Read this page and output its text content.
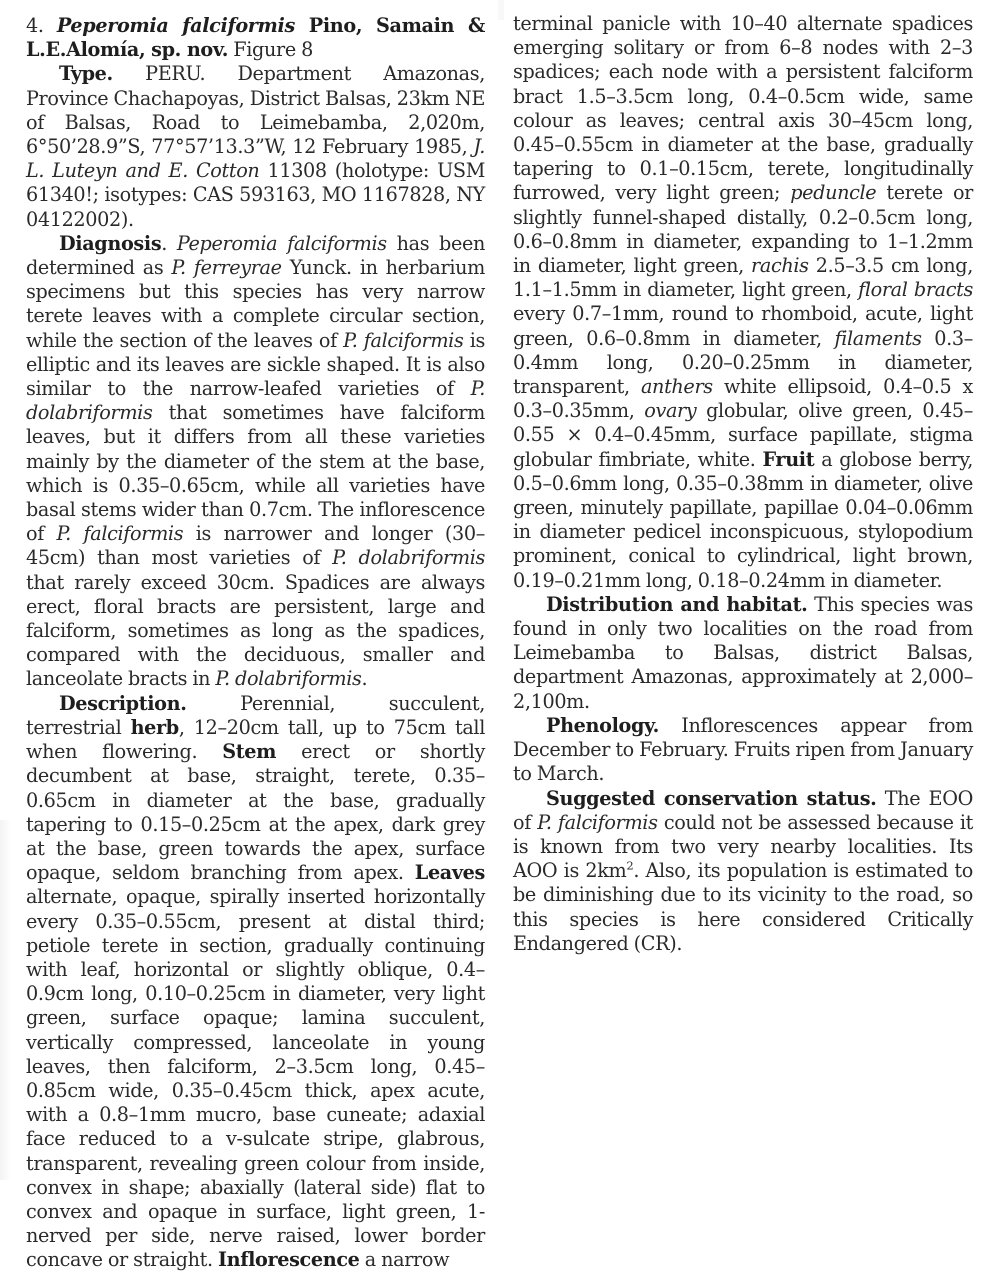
4. Peperomia falciformis Pino, Samain & L.E.Alomía, sp. nov. Figure 8

Type. PERU. Department Amazonas, Province Chachapoyas, District Balsas, 23km NE of Balsas, Road to Leimebamba, 2,020m, 6°50’28.9”S, 77°57’13.3”W, 12 February 1985, J. L. Luteyn and E. Cotton 11308 (holotype: USM 61340!; isotypes: CAS 593163, MO 1167828, NY 04122002).

Diagnosis. Peperomia falciformis has been determined as P. ferreyrae Yunck. in herbarium specimens but this species has very narrow terete leaves with a complete circular section, while the section of the leaves of P. falciformis is elliptic and its leaves are sickle shaped. It is also similar to the narrow-leafed varieties of P. dolabriformis that sometimes have falciform leaves, but it differs from all these varieties mainly by the diameter of the stem at the base, which is 0.35–0.65cm, while all varieties have basal stems wider than 0.7cm. The inflorescence of P. falciformis is narrower and longer (30–45cm) than most varieties of P. dolabriformis that rarely exceed 30cm. Spadices are always erect, floral bracts are persistent, large and falciform, sometimes as long as the spadices, compared with the deciduous, smaller and lanceolate bracts in P. dolabriformis.

Description. Perennial, succulent, terrestrial herb, 12–20cm tall, up to 75cm tall when flowering. Stem erect or shortly decumbent at base, straight, terete, 0.35–0.65cm in diameter at the base, gradually tapering to 0.15–0.25cm at the apex, dark grey at the base, green towards the apex, surface opaque, seldom branching from apex. Leaves alternate, opaque, spirally inserted horizontally every 0.35–0.55cm, present at distal third; petiole terete in section, gradually continuing with leaf, horizontal or slightly oblique, 0.4–0.9cm long, 0.10–0.25cm in diameter, very light green, surface opaque; lamina succulent, vertically compressed, lanceolate in young leaves, then falciform, 2–3.5cm long, 0.45–0.85cm wide, 0.35–0.45cm thick, apex acute, with a 0.8–1mm mucro, base cuneate; adaxial face reduced to a v-sulcate stripe, glabrous, transparent, revealing green colour from inside, convex in shape; abaxially (lateral side) flat to convex and opaque in surface, light green, 1-nerved per side, nerve raised, lower border concave or straight. Inflorescence a narrow

terminal panicle with 10–40 alternate spadices emerging solitary or from 6–8 nodes with 2–3 spadices; each node with a persistent falciform bract 1.5–3.5cm long, 0.4–0.5cm wide, same colour as leaves; central axis 30–45cm long, 0.45–0.55cm in diameter at the base, gradually tapering to 0.1–0.15cm, terete, longitudinally furrowed, very light green; peduncle terete or slightly funnel-shaped distally, 0.2–0.5cm long, 0.6–0.8mm in diameter, expanding to 1–1.2mm in diameter, light green, rachis 2.5–3.5 cm long, 1.1–1.5mm in diameter, light green, floral bracts every 0.7–1mm, round to rhomboid, acute, light green, 0.6–0.8mm in diameter, filaments 0.3–0.4mm long, 0.20–0.25mm in diameter, transparent, anthers white ellipsoid, 0.4–0.5 x 0.3–0.35mm, ovary globular, olive green, 0.45–0.55 × 0.4–0.45mm, surface papillate, stigma globular fimbriate, white. Fruit a globose berry, 0.5–0.6mm long, 0.35–0.38mm in diameter, olive green, minutely papillate, papillae 0.04–0.06mm in diameter pedicel inconspicuous, stylopodium prominent, conical to cylindrical, light brown, 0.19–0.21mm long, 0.18–0.24mm in diameter.

Distribution and habitat. This species was found in only two localities on the road from Leimebamba to Balsas, district Balsas, department Amazonas, approximately at 2,000–2,100m.

Phenology. Inflorescences appear from December to February. Fruits ripen from January to March.

Suggested conservation status. The EOO of P. falciformis could not be assessed because it is known from two very nearby localities. Its AOO is $2km^2$. Also, its population is estimated to be diminishing due to its vicinity to the road, so this species is here considered Critically Endangered (CR).
